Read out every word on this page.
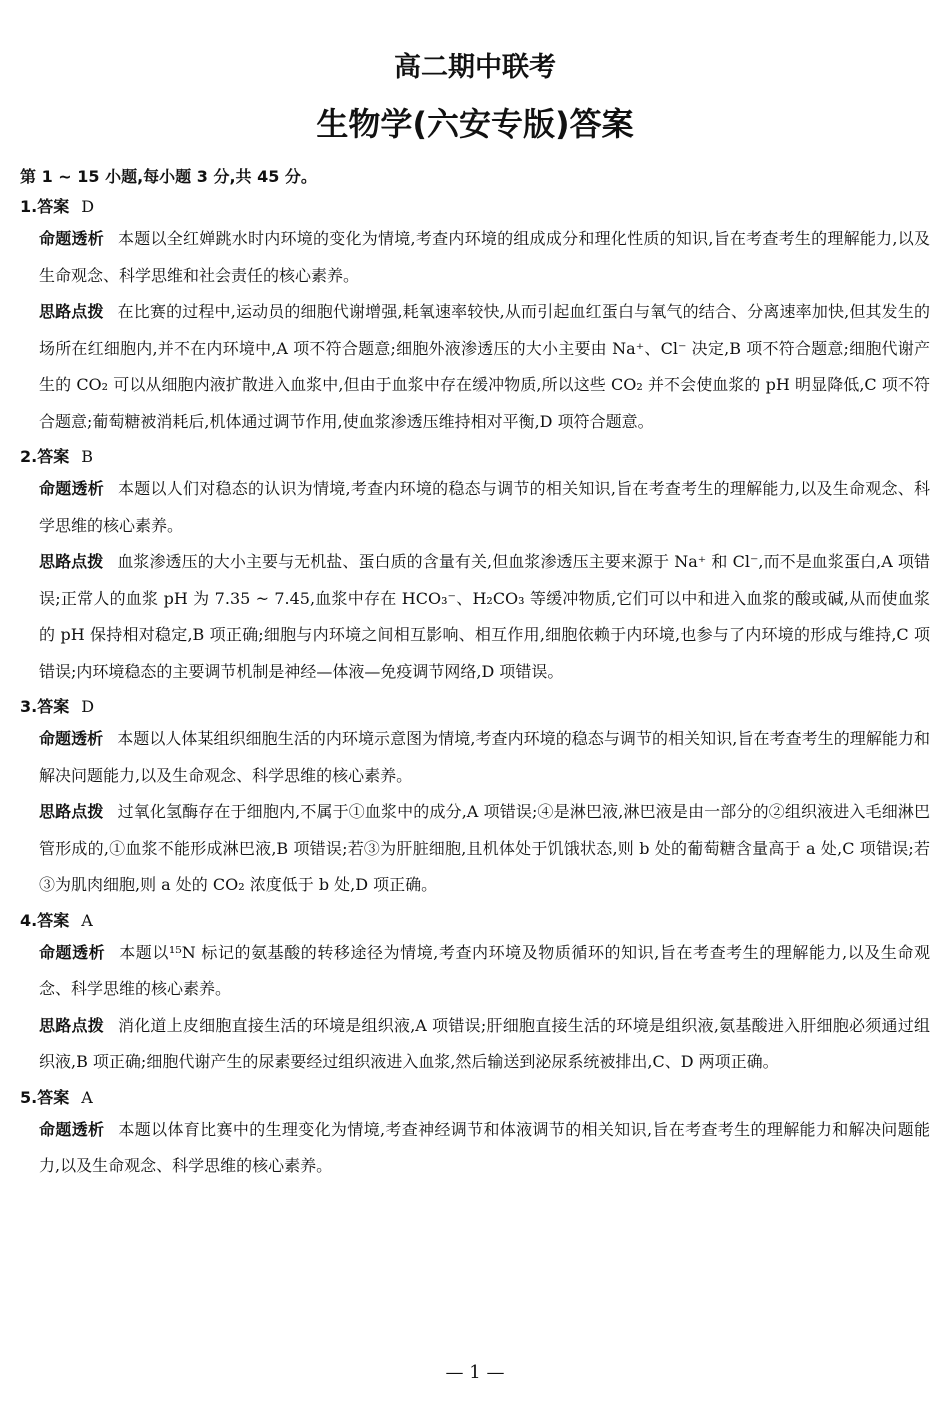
高二期中联考
生物学(六安专版)答案

第 1 ~ 15 小题,每小题 3 分,共 45 分。

1.答案 D

命题透析 本题以全红婵跳水时内环境的变化为情境,考查内环境的组成成分和理化性质的知识,旨在考查考生的理解能力,以及生命观念、科学思维和社会责任的核心素养。

思路点拨 在比赛的过程中,运动员的细胞代谢增强,耗氧速率较快,从而引起血红蛋白与氧气的结合、分离速率加快,但其发生的场所在红细胞内,并不在内环境中,A 项不符合题意;细胞外液渗透压的大小主要由 Na⁺、Cl⁻ 决定,B 项不符合题意;细胞代谢产生的 CO₂ 可以从细胞内液扩散进入血浆中,但由于血浆中存在缓冲物质,所以这些 CO₂ 并不会使血浆的 pH 明显降低,C 项不符合题意;葡萄糖被消耗后,机体通过调节作用,使血浆渗透压维持相对平衡,D 项符合题意。

2.答案 B

命题透析 本题以人们对稳态的认识为情境,考查内环境的稳态与调节的相关知识,旨在考查考生的理解能力,以及生命观念、科学思维的核心素养。

思路点拨 血浆渗透压的大小主要与无机盐、蛋白质的含量有关,但血浆渗透压主要来源于 Na⁺ 和 Cl⁻,而不是血浆蛋白,A 项错误;正常人的血浆 pH 为 7.35 ~ 7.45,血浆中存在 HCO₃⁻、H₂CO₃ 等缓冲物质,它们可以中和进入血浆的酸或碱,从而使血浆的 pH 保持相对稳定,B 项正确;细胞与内环境之间相互影响、相互作用,细胞依赖于内环境,也参与了内环境的形成与维持,C 项错误;内环境稳态的主要调节机制是神经—体液—免疫调节网络,D 项错误。

3.答案 D

命题透析 本题以人体某组织细胞生活的内环境示意图为情境,考查内环境的稳态与调节的相关知识,旨在考查考生的理解能力和解决问题能力,以及生命观念、科学思维的核心素养。

思路点拨 过氧化氢酶存在于细胞内,不属于①血浆中的成分,A 项错误;④是淋巴液,淋巴液是由一部分的②组织液进入毛细淋巴管形成的,①血浆不能形成淋巴液,B 项错误;若③为肝脏细胞,且机体处于饥饿状态,则 b 处的葡萄糖含量高于 a 处,C 项错误;若③为肌肉细胞,则 a 处的 CO₂ 浓度低于 b 处,D 项正确。

4.答案 A

命题透析 本题以¹⁵N 标记的氨基酸的转移途径为情境,考查内环境及物质循环的知识,旨在考查考生的理解能力,以及生命观念、科学思维的核心素养。

思路点拨 消化道上皮细胞直接生活的环境是组织液,A 项错误;肝细胞直接生活的环境是组织液,氨基酸进入肝细胞必须通过组织液,B 项正确;细胞代谢产生的尿素要经过组织液进入血浆,然后输送到泌尿系统被排出,C、D 两项正确。

5.答案 A

命题透析 本题以体育比赛中的生理变化为情境,考查神经调节和体液调节的相关知识,旨在考查考生的理解能力和解决问题能力,以及生命观念、科学思维的核心素养。

— 1 —
